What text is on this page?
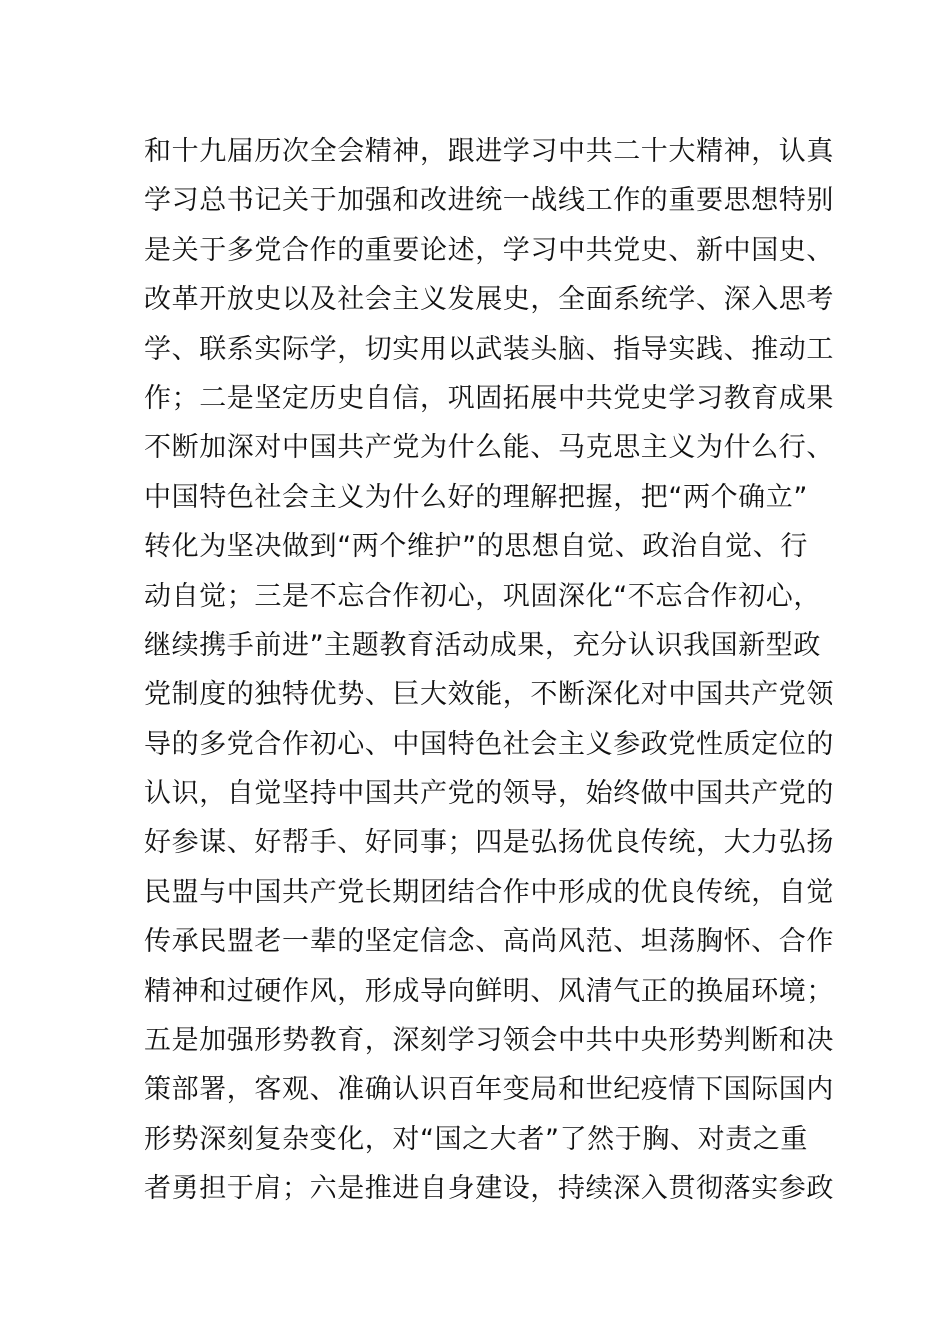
和十九届历次全会精神，跟进学习中共二十大精神，认真
学习总书记关于加强和改进统一战线工作的重要思想特别
是关于多党合作的重要论述，学习中共党史、新中国史、
改革开放史以及社会主义发展史，全面系统学、深入思考
学、联系实际学，切实用以武装头脑、指导实践、推动工
作；二是坚定历史自信，巩固拓展中共党史学习教育成果
不断加深对中国共产党为什么能、马克思主义为什么行、
中国特色社会主义为什么好的理解把握，把“两个确立”
转化为坚决做到“两个维护”的思想自觉、政治自觉、行
动自觉；三是不忘合作初心，巩固深化“不忘合作初心，
继续携手前进”主题教育活动成果，充分认识我国新型政
党制度的独特优势、巨大效能，不断深化对中国共产党领
导的多党合作初心、中国特色社会主义参政党性质定位的
认识，自觉坚持中国共产党的领导，始终做中国共产党的
好参谋、好帮手、好同事；四是弘扬优良传统，大力弘扬
民盟与中国共产党长期团结合作中形成的优良传统，自觉
传承民盟老一辈的坚定信念、高尚风范、坦荡胸怀、合作
精神和过硬作风，形成导向鲜明、风清气正的换届环境；
五是加强形势教育，深刻学习领会中共中央形势判断和决
策部署，客观、准确认识百年变局和世纪疫情下国际国内
形势深刻复杂变化，对“国之大者”了然于胸、对责之重
者勇担于肩；六是推进自身建设，持续深入贯彻落实参政
